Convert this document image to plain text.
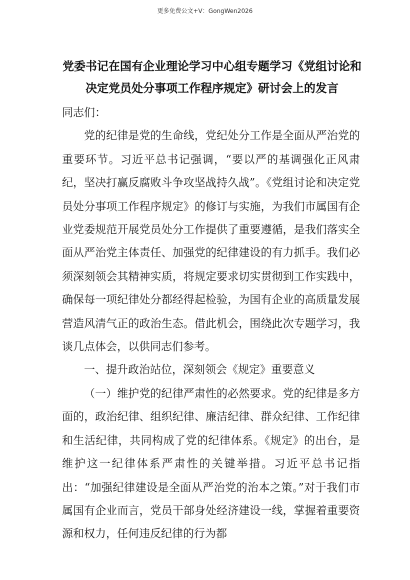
更多免费公文+V：GongWen2026
党委书记在国有企业理论学习中心组专题学习《党组讨论和决定党员处分事项工作程序规定》研讨会上的发言

同志们：

党的纪律是党的生命线，党纪处分工作是全面从严治党的重要环节。习近平总书记强调，“要以严的基调强化正风肃纪，坚决打赢反腐败斗争攻坚战持久战”。《党组讨论和决定党员处分事项工作程序规定》的修订与实施，为我们市属国有企业党委规范开展党员处分工作提供了重要遵循，是我们落实全面从严治党主体责任、加强党的纪律建设的有力抓手。我们必须深刻领会其精神实质，将规定要求切实贯彻到工作实践中，确保每一项纪律处分都经得起检验，为国有企业的高质量发展营造风清气正的政治生态。借此机会，围绕此次专题学习，我谈几点体会，以供同志们参考。

一、提升政治站位，深刻领会《规定》重要意义

（一）维护党的纪律严肃性的必然要求。党的纪律是多方面的，政治纪律、组织纪律、廉洁纪律、群众纪律、工作纪律和生活纪律，共同构成了党的纪律体系。《规定》的出台，是维护这一纪律体系严肃性的关键举措。习近平总书记指出：“加强纪律建设是全面从严治党的治本之策。”对于我们市属国有企业而言，党员干部身处经济建设一线，掌握着重要资源和权力，任何违反纪律的行为都
